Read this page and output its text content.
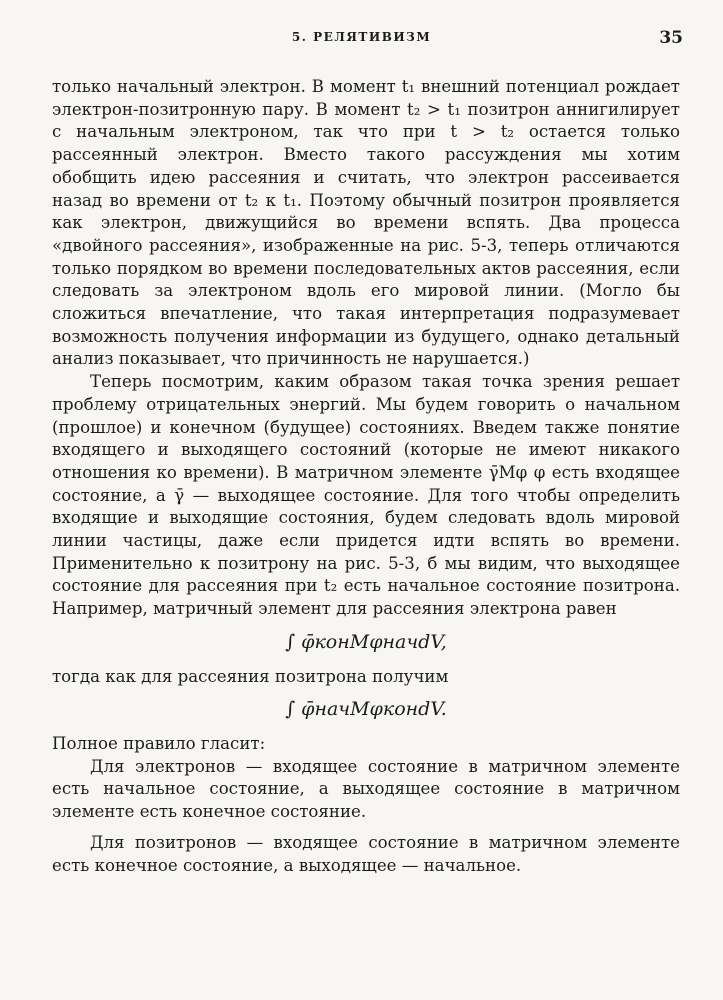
5. РЕЛЯТИВИЗМ	35

только начальный электрон. В момент t₁ внешний потенциал рождает электрон-позитронную пару. В момент t₂ > t₁ позитрон аннигилирует с начальным электроном, так что при t > t₂ остается только рассеянный электрон. Вместо такого рассуждения мы хотим обобщить идею рассеяния и считать, что электрон рассеивается назад во времени от t₂ к t₁. Поэтому обычный позитрон проявляется как электрон, движущийся во времени вспять. Два процесса «двойного рассеяния», изображенные на рис. 5-3, теперь отличаются только порядком во времени последовательных актов рассеяния, если следовать за электроном вдоль его мировой линии. (Могло бы сложиться впечатление, что такая интерпретация подразумевает возможность получения информации из будущего, однако детальный анализ показывает, что причинность не нарушается.)

Теперь посмотрим, каким образом такая точка зрения решает проблему отрицательных энергий. Мы будем говорить о начальном (прошлое) и конечном (будущее) состояниях. Введем также понятие входящего и выходящего состояний (которые не имеют никакого отношения ко времени). В матричном элементе γ̄Mφ φ есть входящее состояние, а γ̄ — выходящее состояние. Для того чтобы определить входящие и выходящие состояния, будем следовать вдоль мировой линии частицы, даже если придется идти вспять во времени. Применительно к позитрону на рис. 5-3, б мы видим, что выходящее состояние для рассеяния при t₂ есть начальное состояние позитрона. Например, матричный элемент для рассеяния электрона равен

∫ φ̄конMφначdV,

тогда как для рассеяния позитрона получим

∫ φ̄начMφконdV.

Полное правило гласит:

Для электронов — входящее состояние в матричном элементе есть начальное состояние, а выходящее состояние в матричном элементе есть конечное состояние.

Для позитронов — входящее состояние в матричном элементе есть конечное состояние, а выходящее — начальное.
